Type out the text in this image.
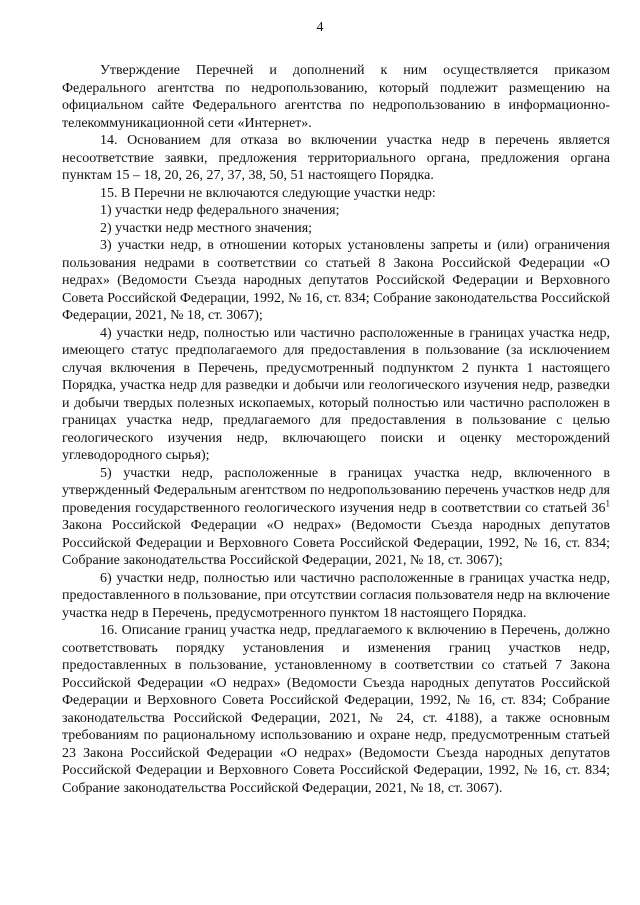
4

Утверждение Перечней и дополнений к ним осуществляется приказом Федерального агентства по недропользованию, который подлежит размещению на официальном сайте Федерального агентства по недропользованию в информационно-телекоммуникационной сети «Интернет».

14. Основанием для отказа во включении участка недр в перечень является несоответствие заявки, предложения территориального органа, предложения органа пунктам 15 – 18, 20, 26, 27, 37, 38, 50, 51 настоящего Порядка.

15. В Перечни не включаются следующие участки недр:

1) участки недр федерального значения;

2) участки недр местного значения;

3) участки недр, в отношении которых установлены запреты и (или) ограничения пользования недрами в соответствии со статьей 8 Закона Российской Федерации «О недрах» (Ведомости Съезда народных депутатов Российской Федерации и Верховного Совета Российской Федерации, 1992, № 16, ст. 834; Собрание законодательства Российской Федерации, 2021, № 18, ст. 3067);

4) участки недр, полностью или частично расположенные в границах участка недр, имеющего статус предполагаемого для предоставления в пользование (за исключением случая включения в Перечень, предусмотренный подпунктом 2 пункта 1 настоящего Порядка, участка недр для разведки и добычи или геологического изучения недр, разведки и добычи твердых полезных ископаемых, который полностью или частично расположен в границах участка недр, предлагаемого для предоставления в пользование с целью геологического изучения недр, включающего поиски и оценку месторождений углеводородного сырья);

5) участки недр, расположенные в границах участка недр, включенного в утвержденный Федеральным агентством по недропользованию перечень участков недр для проведения государственного геологического изучения недр в соответствии со статьей $36^1$ Закона Российской Федерации «О недрах» (Ведомости Съезда народных депутатов Российской Федерации и Верховного Совета Российской Федерации, 1992, № 16, ст. 834; Собрание законодательства Российской Федерации, 2021, № 18, ст. 3067);

6) участки недр, полностью или частично расположенные в границах участка недр, предоставленного в пользование, при отсутствии согласия пользователя недр на включение участка недр в Перечень, предусмотренного пунктом 18 настоящего Порядка.

16. Описание границ участка недр, предлагаемого к включению в Перечень, должно соответствовать порядку установления и изменения границ участков недр, предоставленных в пользование, установленному в соответствии со статьей 7 Закона Российской Федерации «О недрах» (Ведомости Съезда народных депутатов Российской Федерации и Верховного Совета Российской Федерации, 1992, № 16, ст. 834; Собрание законодательства Российской Федерации, 2021, № 24, ст. 4188), а также основным требованиям по рациональному использованию и охране недр, предусмотренным статьей 23 Закона Российской Федерации «О недрах» (Ведомости Съезда народных депутатов Российской Федерации и Верховного Совета Российской Федерации, 1992, № 16, ст. 834; Собрание законодательства Российской Федерации, 2021, № 18, ст. 3067).
